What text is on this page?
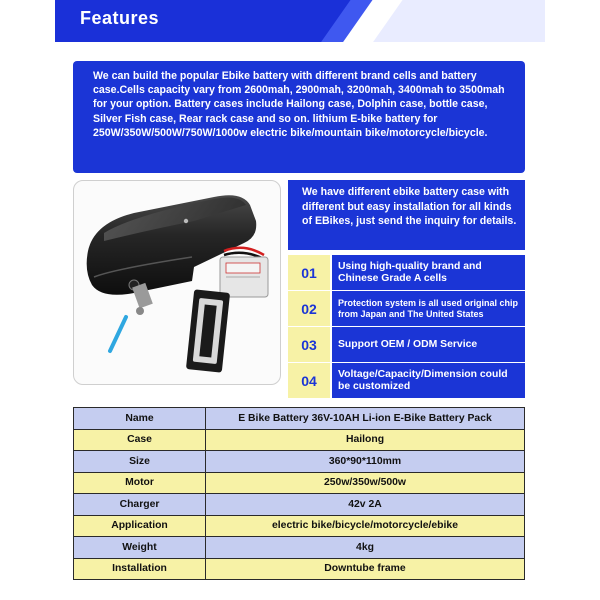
Features
We can build the popular Ebike battery with different brand cells and battery case.Cells capacity vary from 2600mah, 2900mah, 3200mah, 3400mah to 3500mah for your option. Battery cases include Hailong case, Dolphin case, bottle case, Silver Fish case, Rear rack case and so on. lithium E-bike battery for 250W/350W/500W/750W/1000w electric bike/mountain bike/motorcycle/bicycle.
We have different ebike battery case with different but easy installation for all kinds of EBikes, just send the inquiry for details.
01	Using high-quality brand and Chinese Grade A cells
02	Protection system is all used original chip from Japan and The United States
03	Support OEM / ODM Service
04	Voltage/Capacity/Dimension could be customized
Name	E Bike Battery 36V-10AH Li-ion E-Bike Battery Pack
Case	Hailong
Size	360*90*110mm
Motor	250w/350w/500w
Charger	42v 2A
Application	electric bike/bicycle/motorcycle/ebike
Weight	4kg
Installation	Downtube frame
